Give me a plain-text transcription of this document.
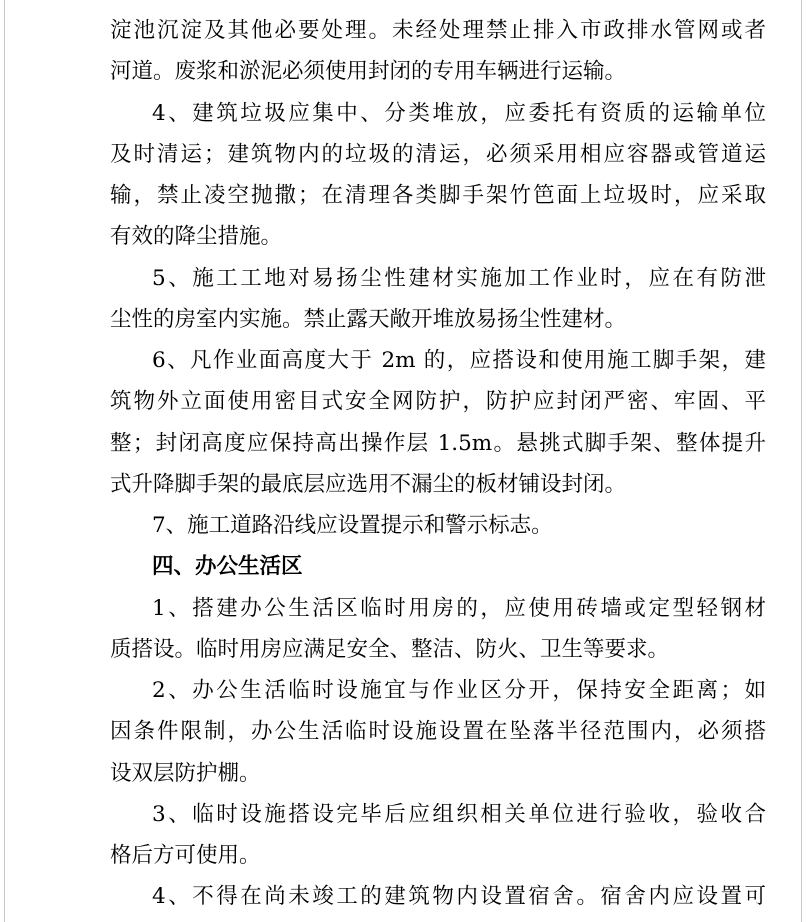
淀池沉淀及其他必要处理。未经处理禁止排入市政排水管网或者
河道。废浆和淤泥必须使用封闭的专用车辆进行运输。
4、建筑垃圾应集中、分类堆放，应委托有资质的运输单位
及时清运；建筑物内的垃圾的清运，必须采用相应容器或管道运
输，禁止凌空抛撒；在清理各类脚手架竹笆面上垃圾时，应采取
有效的降尘措施。
5、施工工地对易扬尘性建材实施加工作业时，应在有防泄
尘性的房室内实施。禁止露天敞开堆放易扬尘性建材。
6、凡作业面高度大于 2m 的，应搭设和使用施工脚手架，建
筑物外立面使用密目式安全网防护，防护应封闭严密、牢固、平
整；封闭高度应保持高出操作层 1.5m。悬挑式脚手架、整体提升
式升降脚手架的最底层应选用不漏尘的板材铺设封闭。
7、施工道路沿线应设置提示和警示标志。
四、办公生活区
1、搭建办公生活区临时用房的，应使用砖墙或定型轻钢材
质搭设。临时用房应满足安全、整洁、防火、卫生等要求。
2、办公生活临时设施宜与作业区分开，保持安全距离；如
因条件限制，办公生活临时设施设置在坠落半径范围内，必须搭
设双层防护棚。
3、临时设施搭设完毕后应组织相关单位进行验收，验收合
格后方可使用。
4、不得在尚未竣工的建筑物内设置宿舍。宿舍内应设置可
